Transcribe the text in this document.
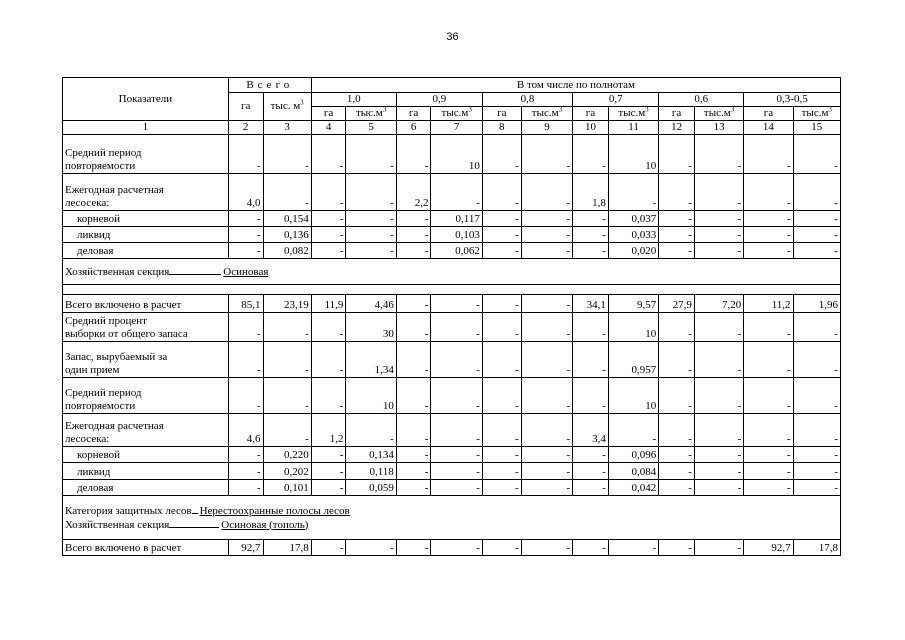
36
Показатели	Всего		В том числе по полнотам											
	га	тыс. $м^3$	1,0		0,9		0,8		0,7		0,6		0,3-0,5	
			га	$тыс.м^3$	га	$тыс.м^3$	га	$тыс.м^3$	га	$тыс.м^3$	га	$тыс.м^3$	га	$тыс.м^3$
1	2	3	4	5	6	7	8	9	10	11	12	13	14	15
Средний период
повторяемости	-	-	-	-	-	10	-	-	-	10	-	-	-	-
Ежегодная расчетная
лесосека:	4,0	-	-	-	2,2	-	-	-	1,8	-	-	-	-	-
корневой	-	0,154	-	-	-	0,117	-	-	-	0,037	-	-	-	-
ликвид	-	0,136	-	-	-	0,103	-	-	-	0,033	-	-	-	-
деловая	-	0,082	-	-	-	0,062	-	-	-	0,020	-	-	-	-
Хозяйственная секция Осиновая														

Всего включено в расчет	85,1	23,19	11,9	4,46	-	-	-	-	34,1	9,57	27,9	7,20	11,2	1,96
Средний процент
выборки от общего запаса	-	-	-	30	-	-	-	-	-	10	-	-	-	-
Запас, вырубаемый за
один прием	-	-	-	1,34	-	-	-	-	-	0,957	-	-	-	-
Средний период
повторяемости	-	-	-	10	-	-	-	-	-	10	-	-	-	-
Ежегодная расчетная
лесосека:	4,6	-	1,2	-	-	-	-	-	3,4	-	-	-	-	-
корневой	-	0,220	-	0,134	-	-	-	-	-	0,096	-	-	-	-
ликвид	-	0,202	-	0,118	-	-	-	-	-	0,084	-	-	-	-
деловая	-	0,101	-	0,059	-	-	-	-	-	0,042	-	-	-	-
Категория защитных лесов Нерестоохранные полосы лесов
Хозяйственная секция Осиновая (тополь)														
Всего включено в расчет	92,7	17,8	-	-	-	-	-	-	-	-	-	-	92,7	17,8
